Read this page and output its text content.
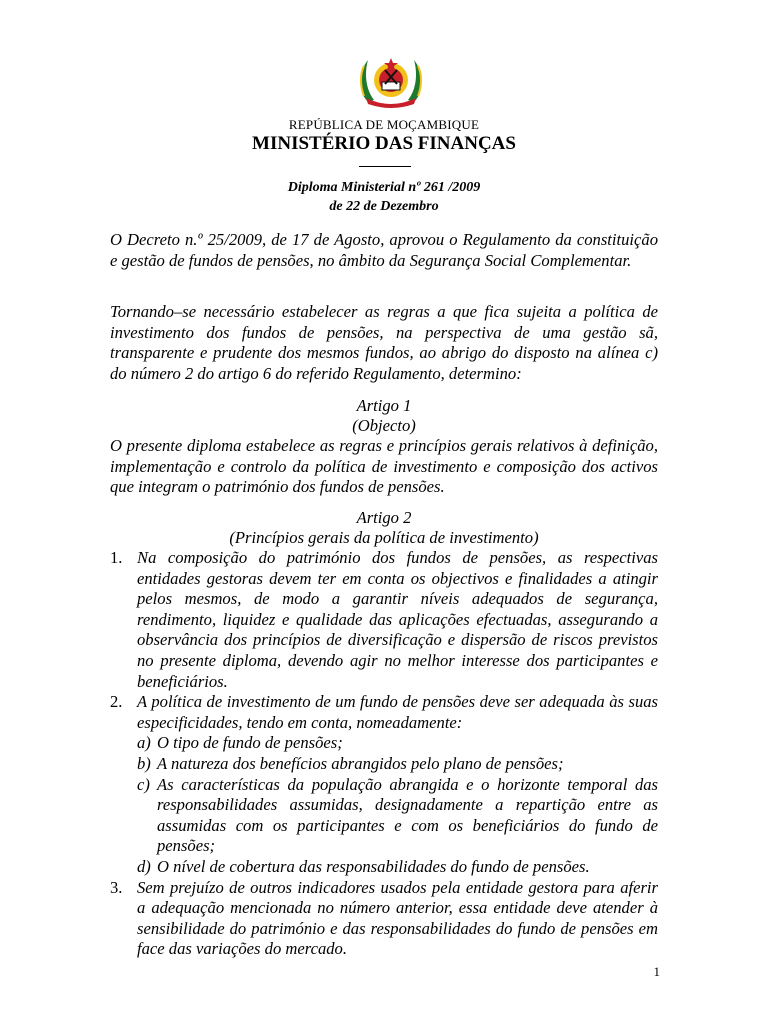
REPÚBLICA DE MOÇAMBIQUE
MINISTÉRIO DAS FINANÇAS
Diploma Ministerial nº 261 /2009
de 22 de Dezembro

O Decreto n.º 25/2009, de 17 de Agosto, aprovou o Regulamento da constituição e gestão de fundos de pensões, no âmbito da Segurança Social Complementar.

Tornando–se necessário estabelecer as regras a que fica sujeita a política de investimento dos fundos de pensões, na perspectiva de uma gestão sã, transparente e prudente dos mesmos fundos, ao abrigo do disposto na alínea c) do número 2 do artigo 6 do referido Regulamento, determino:

Artigo 1
(Objecto)

O presente diploma estabelece as regras e princípios gerais relativos à definição, implementação e controlo da política de investimento e composição dos activos que integram o património dos fundos de pensões.

Artigo 2
(Princípios gerais da política de investimento)
1. Na composição do património dos fundos de pensões, as respectivas entidades gestoras devem ter em conta os objectivos e finalidades a atingir pelos mesmos, de modo a garantir níveis adequados de segurança, rendimento, liquidez e qualidade das aplicações efectuadas, assegurando a observância dos princípios de diversificação e dispersão de riscos previstos no presente diploma, devendo agir no melhor interesse dos participantes e beneficiários.

2. A política de investimento de um fundo de pensões deve ser adequada às suas especificidades, tendo em conta, nomeadamente:

a) O tipo de fundo de pensões;

b) A natureza dos benefícios abrangidos pelo plano de pensões;

c) As características da população abrangida e o horizonte temporal das responsabilidades assumidas, designadamente a repartição entre as assumidas com os participantes e com os beneficiários do fundo de pensões;

d) O nível de cobertura das responsabilidades do fundo de pensões.

3. Sem prejuízo de outros indicadores usados pela entidade gestora para aferir a adequação mencionada no número anterior, essa entidade deve atender à sensibilidade do património e das responsabilidades do fundo de pensões em face das variações do mercado.

1
